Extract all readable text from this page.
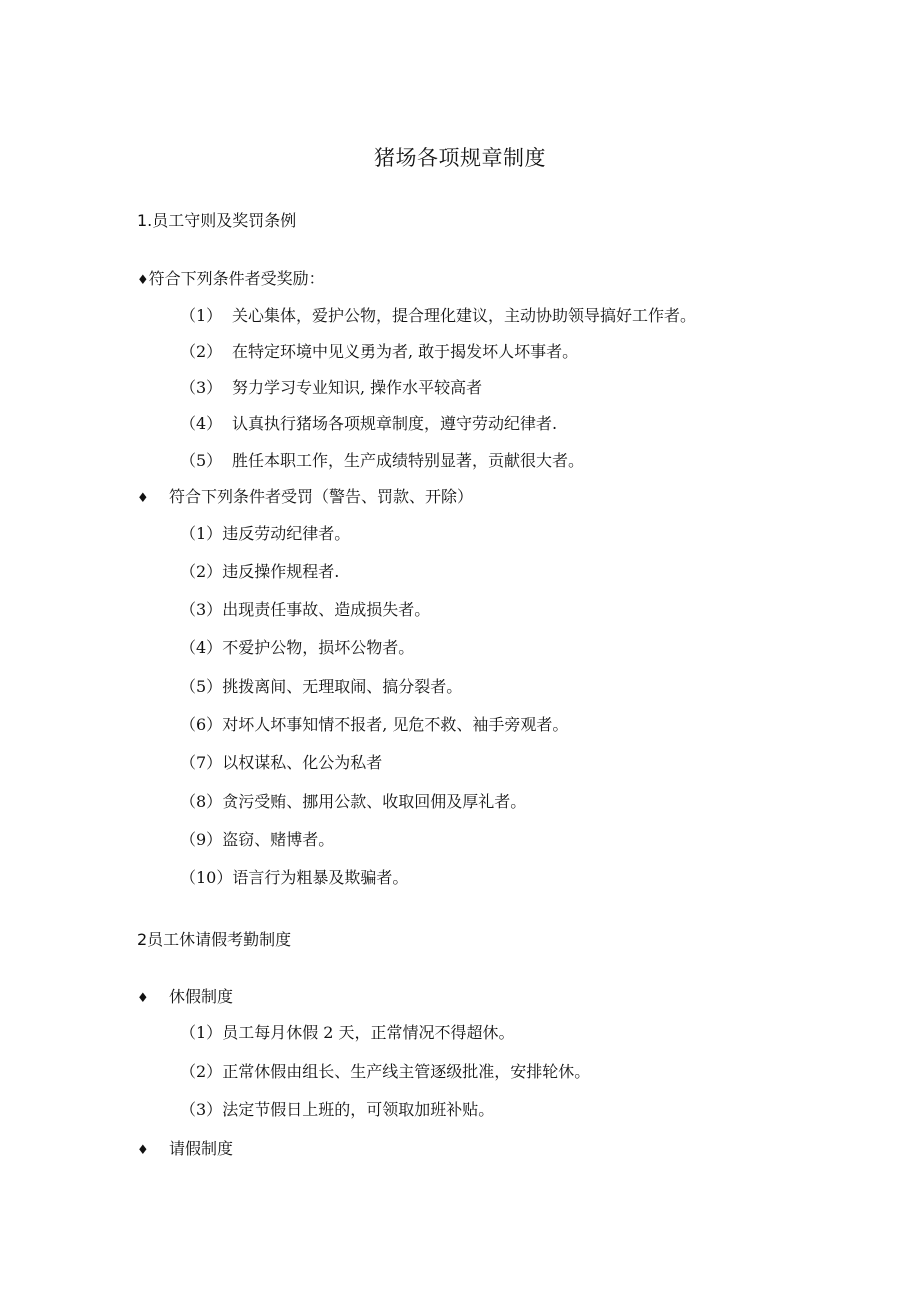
猪场各项规章制度
1.员工守则及奖罚条例
♦符合下列条件者受奖励：
（1） 关心集体，爱护公物，提合理化建议，主动协助领导搞好工作者。
（2） 在特定环境中见义勇为者, 敢于揭发坏人坏事者。
（3） 努力学习专业知识, 操作水平较高者
（4） 认真执行猪场各项规章制度，遵守劳动纪律者.
（5） 胜任本职工作，生产成绩特别显著，贡献很大者。
♦ 符合下列条件者受罚（警告、罚款、开除）
（1）违反劳动纪律者。
（2）违反操作规程者.
（3）出现责任事故、造成损失者。
（4）不爱护公物，损坏公物者。
（5）挑拨离间、无理取闹、搞分裂者。
（6）对坏人坏事知情不报者, 见危不救、袖手旁观者。
（7）以权谋私、化公为私者
（8）贪污受贿、挪用公款、收取回佣及厚礼者。
（9）盗窃、赌博者。
（10）语言行为粗暴及欺骗者。
2员工休请假考勤制度
♦ 休假制度
（1）员工每月休假 2 天，正常情况不得超休。
（2）正常休假由组长、生产线主管逐级批准，安排轮休。
（3）法定节假日上班的，可领取加班补贴。
♦ 请假制度
